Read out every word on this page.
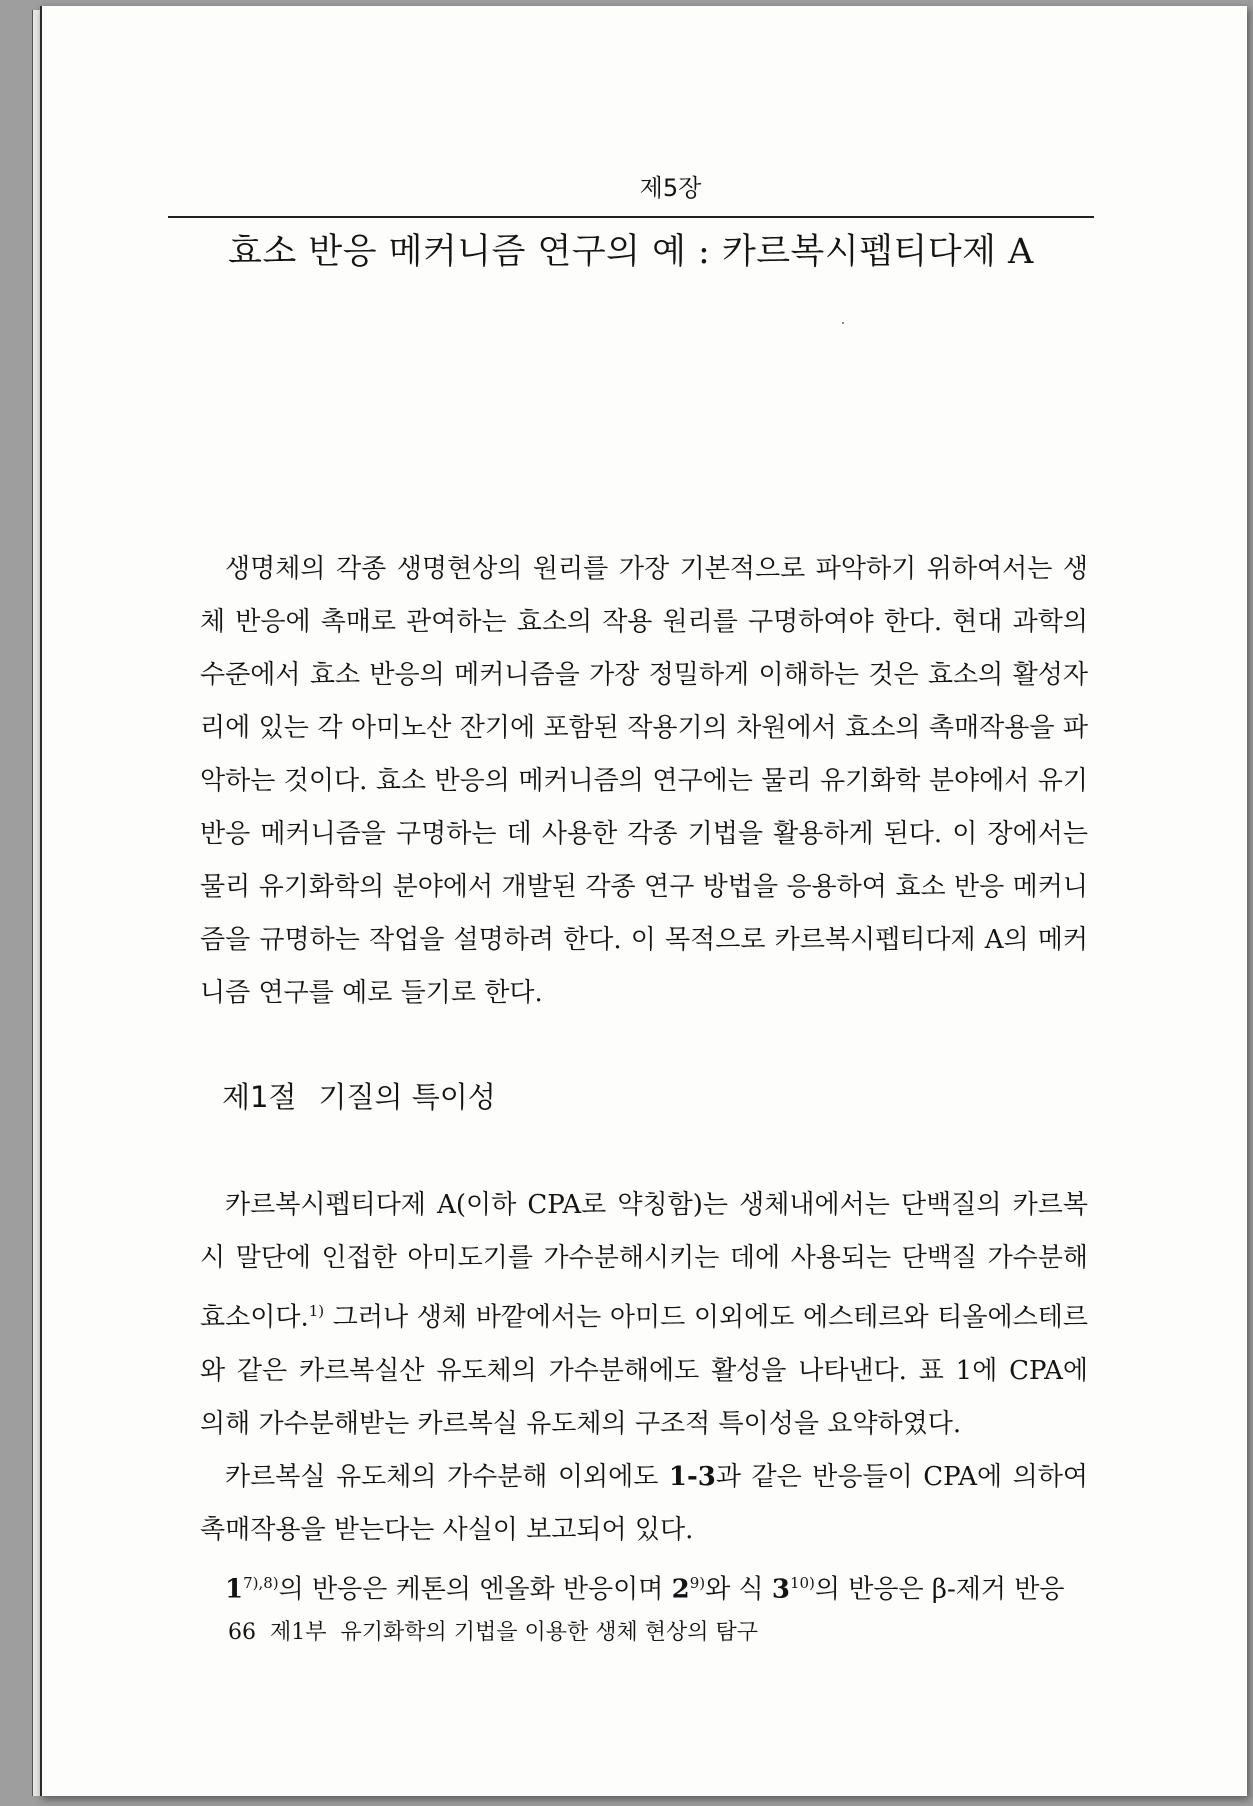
제5장
효소 반응 메커니즘 연구의 예 : 카르복시펩티다제 A

생명체의 각종 생명현상의 원리를 가장 기본적으로 파악하기 위하여서는 생체 반응에 촉매로 관여하는 효소의 작용 원리를 구명하여야 한다. 현대 과학의 수준에서 효소 반응의 메커니즘을 가장 정밀하게 이해하는 것은 효소의 활성자리에 있는 각 아미노산 잔기에 포함된 작용기의 차원에서 효소의 촉매작용을 파악하는 것이다. 효소 반응의 메커니즘의 연구에는 물리 유기화학 분야에서 유기 반응 메커니즘을 구명하는 데 사용한 각종 기법을 활용하게 된다. 이 장에서는 물리 유기화학의 분야에서 개발된 각종 연구 방법을 응용하여 효소 반응 메커니즘을 규명하는 작업을 설명하려 한다. 이 목적으로 카르복시펩티다제 A의 메커니즘 연구를 예로 들기로 한다.

제1절 기질의 특이성

카르복시펩티다제 A(이하 CPA로 약칭함)는 생체내에서는 단백질의 카르복시 말단에 인접한 아미도기를 가수분해시키는 데에 사용되는 단백질 가수분해 효소이다.$^{1)}$ 그러나 생체 바깥에서는 아미드 이외에도 에스테르와 티올에스테르와 같은 카르복실산 유도체의 가수분해에도 활성을 나타낸다. 표 1에 CPA에 의해 가수분해받는 카르복실 유도체의 구조적 특이성을 요약하였다.

카르복실 유도체의 가수분해 이외에도 1-3과 같은 반응들이 CPA에 의하여 촉매작용을 받는다는 사실이 보고되어 있다.

$1^{7),8)}$의 반응은 케톤의 엔올화 반응이며 2$^{9)}$와 식 3$^{10)}$의 반응은 β-제거 반응

66 제1부 유기화학의 기법을 이용한 생체 현상의 탐구
